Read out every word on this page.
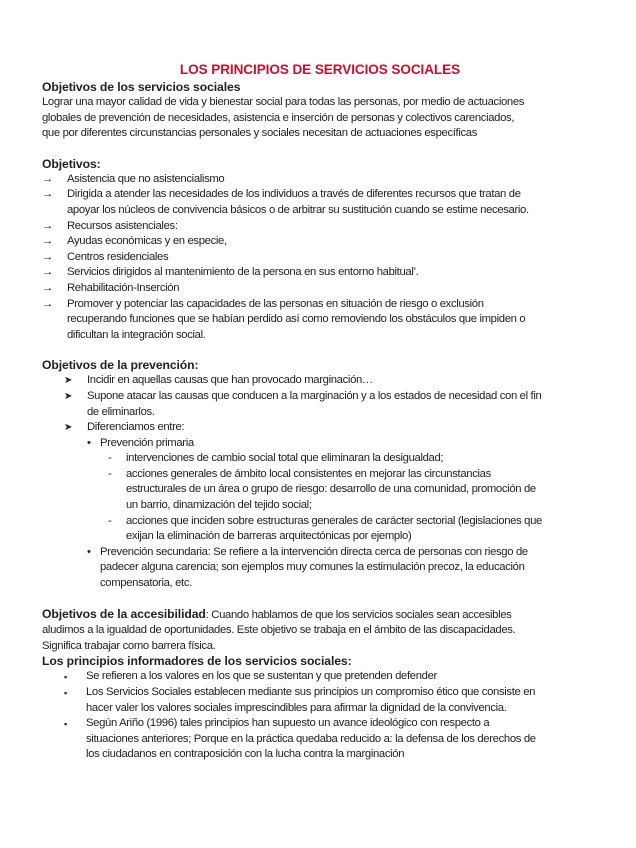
LOS PRINCIPIOS DE SERVICIOS SOCIALES
Objetivos de los servicios sociales
Lograr una mayor calidad de vida y bienestar social para todas las personas, por medio de actuaciones
globales de prevención de necesidades, asistencia e inserción de personas y colectivos carenciados,
que por diferentes circunstancias personales y sociales necesitan de actuaciones específicas
Objetivos:
→ Asistencia que no asistencialismo
→ Dirigida a atender las necesidades de los individuos a través de diferentes recursos que tratan de
apoyar los núcleos de convivencia básicos o de arbitrar su sustitución cuando se estime necesario.
→ Recursos asistenciales:
→ Ayudas económicas y en especie,
→ Centros residenciales
→ Servicios dirigidos al mantenimiento de la persona en sus entorno habitual’.
→ Rehabilitación-Inserción
→ Promover y potenciar las capacidades de las personas en situación de riesgo o exclusión
recuperando funciones que se habían perdido así como removiendo los obstáculos que impiden o
dificultan la integración social.
Objetivos de la prevención:
➤ Incidir en aquellas causas que han provocado marginación…
➤ Supone atacar las causas que conducen a la marginación y a los estados de necesidad con el fin
de eliminarlos.
➤ Diferenciamos entre:
• Prevención primaria
- intervenciones de cambio social total que eliminaran la desigualdad;
- acciones generales de ámbito local consistentes en mejorar las circunstancias
estructurales de un área o grupo de riesgo: desarrollo de una comunidad, promoción de
un barrio, dinamización del tejido social;
- acciones que inciden sobre estructuras generales de carácter sectorial (legislaciones que
exijan la eliminación de barreras arquitectónicas por ejemplo)
• Prevención secundaria: Se refiere a la intervención directa cerca de personas con riesgo de
padecer alguna carencia; son ejemplos muy comunes la estimulación precoz, la educación
compensatoria, etc.
Objetivos de la accesibilidad: Cuando hablamos de que los servicios sociales sean accesibles
aludimos a la igualdad de oportunidades. Este objetivo se trabaja en el ámbito de las discapacidades.
Significa trabajar como barrera física.
Los principios informadores de los servicios sociales:
▪ Se refieren a los valores en los que se sustentan y que pretenden defender
▪ Los Servicios Sociales establecen mediante sus principios un compromiso ético que consiste en
hacer valer los valores sociales imprescindibles para afirmar la dignidad de la convivencia.
▪ Según Ariño (1996) tales principios han supuesto un avance ideológico con respecto a
situaciones anteriores; Porque en la práctica quedaba reducido a: la defensa de los derechos de
los ciudadanos en contraposición con la lucha contra la marginación
